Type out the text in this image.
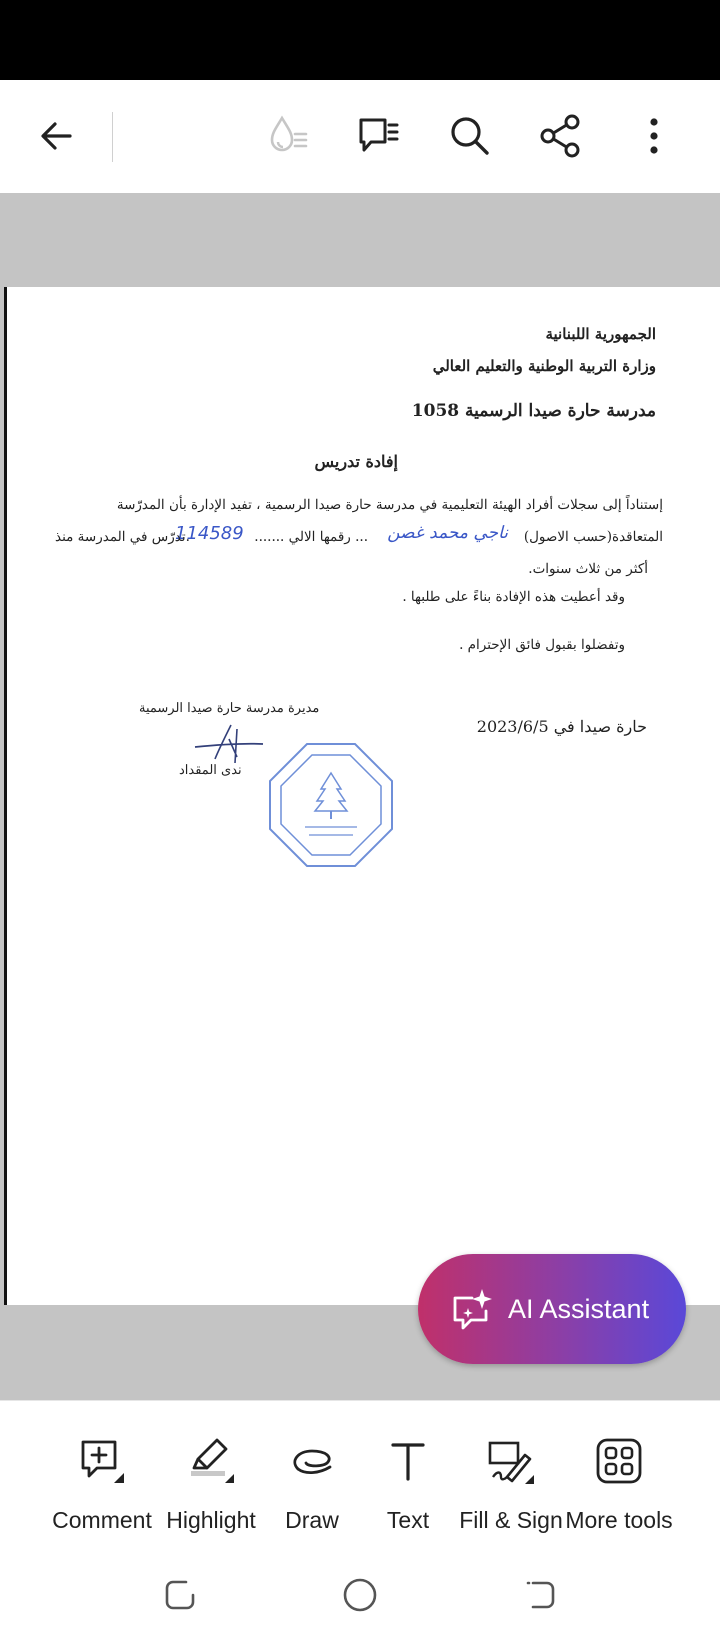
الجمهورية اللبنانية
وزارة التربية الوطنية والتعليم العالي
مدرسة حارة صيدا الرسمية 1058
إفادة تدريس
إستناداً إلى سجلات أفراد الهيئة التعليمية في مدرسة حارة صيدا الرسمية ، تفيد الإدارة بأن المدرّسة
المتعاقدة(حسب الاصول)
ناجي محمد غصن
... رقمها الالي .......
114589
.تدرّس في المدرسة منذ
أكثر من ثلاث سنوات.
وقد أعطيت هذه الإفادة بناءً على طلبها .
وتفضلوا بقبول فائق الإحترام .
حارة صيدا في 2023/6/5
مديرة مدرسة حارة صيدا الرسمية
ندى المقداد
AI Assistant
Comment Highlight Draw Text Fill & Sign More tools
